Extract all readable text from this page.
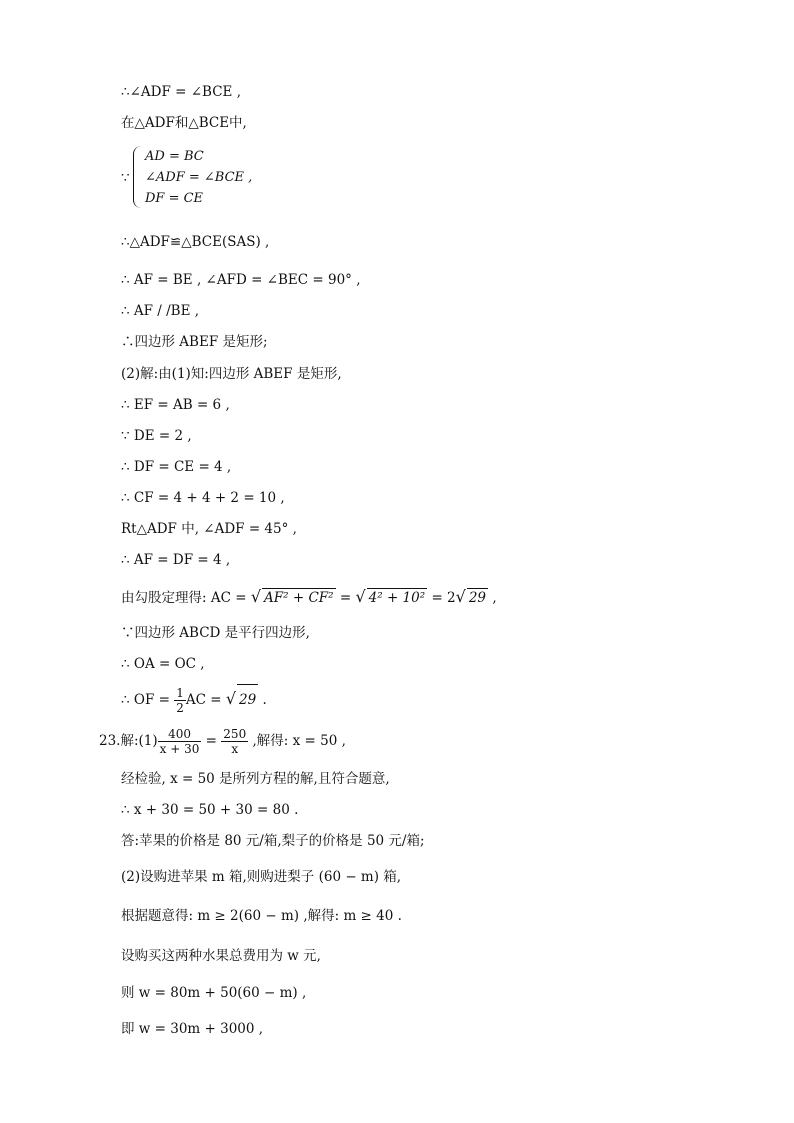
∴∠ADF = ∠BCE ,
在△ADF和△BCE中,
∵
AD = BC
∠ADF = ∠BCE ,
DF = CE
∴△ADF≌△BCE(SAS) ,
∴ AF = BE , ∠AFD = ∠BEC = 90° ,
∴ AF / /BE ,
∴四边形 ABEF 是矩形;
(2)解:由(1)知:四边形 ABEF 是矩形,
∴ EF = AB = 6 ,
∵ DE = 2 ,
∴ DF = CE = 4 ,
∴ CF = 4 + 4 + 2 = 10 ,
Rt△ADF 中, ∠ADF = 45° ,
∴ AF = DF = 4 ,
由勾股定理得: AC = √ AF² + CF² = √ 4² + 10² = 2√ 29 ,
∵四边形 ABCD 是平行四边形,
∴ OA = OC ,
∴ OF = $\frac{1}{2}$ AC = √ 29 .
23.解:(1) $\frac{400}{x + 30} = \frac{250}{x}$ ,解得: x = 50 ,
经检验, x = 50 是所列方程的解,且符合题意,
∴ x + 30 = 50 + 30 = 80 .
答:苹果的价格是 80 元/箱,梨子的价格是 50 元/箱;
(2)设购进苹果 m 箱,则购进梨子 (60 − m) 箱,
根据题意得: m ≥ 2(60 − m) ,解得: m ≥ 40 .
设购买这两种水果总费用为 w 元,
则 w = 80m + 50(60 − m) ,
即 w = 30m + 3000 ,
